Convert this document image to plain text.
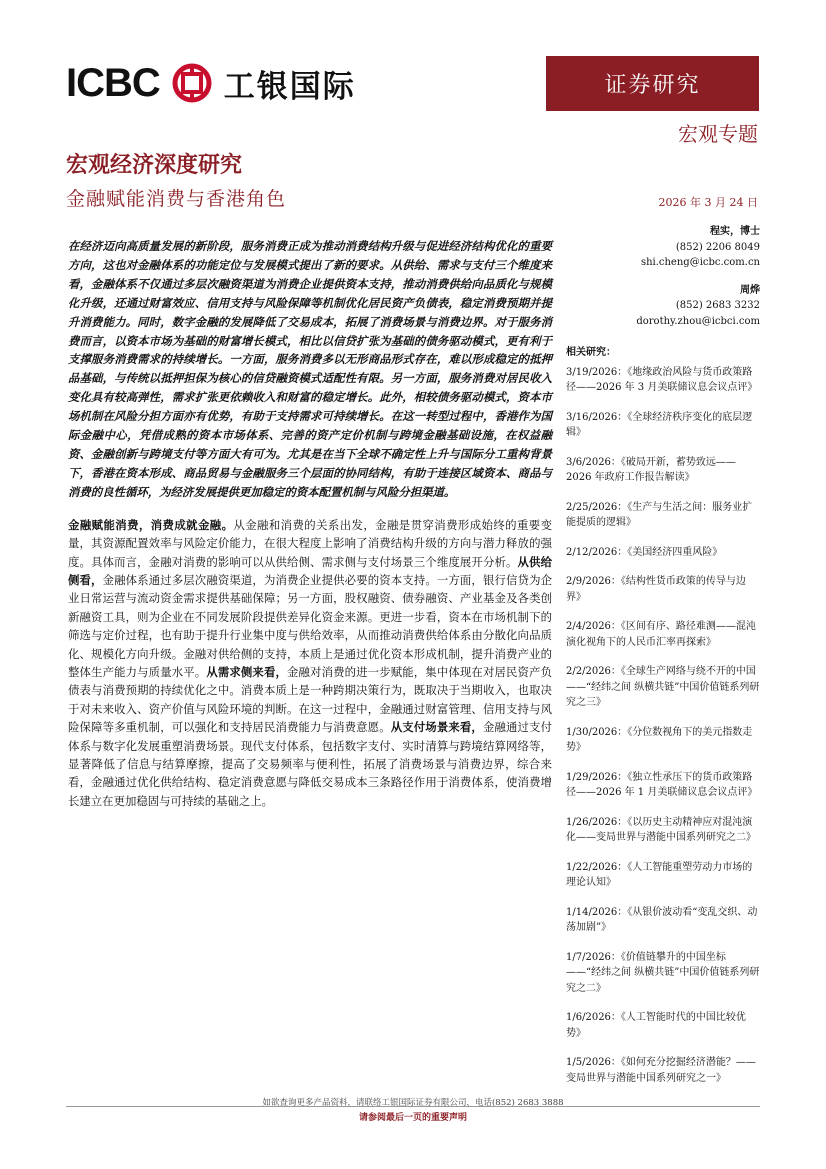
ICBC 工银国际	证券研究
宏观专题
宏观经济深度研究
金融赋能消费与香港角色	2026 年 3 月 24 日

在经济迈向高质量发展的新阶段，服务消费正成为推动消费结构升级与促进经济结构优化的重要方向，这也对金融体系的功能定位与发展模式提出了新的要求。从供给、需求与支付三个维度来看，金融体系不仅通过多层次融资渠道为消费企业提供资本支持，推动消费供给向品质化与规模化升级，还通过财富效应、信用支持与风险保障等机制优化居民资产负债表，稳定消费预期并提升消费能力。同时，数字金融的发展降低了交易成本，拓展了消费场景与消费边界。对于服务消费而言，以资本市场为基础的财富增长模式，相比以信贷扩张为基础的债务驱动模式，更有利于支撑服务消费需求的持续增长。一方面，服务消费多以无形商品形式存在，难以形成稳定的抵押品基础，与传统以抵押担保为核心的信贷融资模式适配性有限。另一方面，服务消费对居民收入变化具有较高弹性，需求扩张更依赖收入和财富的稳定增长。此外，相较债务驱动模式，资本市场机制在风险分担方面亦有优势，有助于支持需求可持续增长。在这一转型过程中，香港作为国际金融中心，凭借成熟的资本市场体系、完善的资产定价机制与跨境金融基础设施，在权益融资、金融创新与跨境支付等方面大有可为。尤其是在当下全球不确定性上升与国际分工重构背景下，香港在资本形成、商品贸易与金融服务三个层面的协同结构，有助于连接区域资本、商品与消费的良性循环，为经济发展提供更加稳定的资本配置机制与风险分担渠道。

金融赋能消费，消费成就金融。从金融和消费的关系出发，金融是贯穿消费形成始终的重要变量，其资源配置效率与风险定价能力，在很大程度上影响了消费结构升级的方向与潜力释放的强度。具体而言，金融对消费的影响可以从供给侧、需求侧与支付场景三个维度展开分析。从供给侧看，金融体系通过多层次融资渠道，为消费企业提供必要的资本支持。一方面，银行信贷为企业日常运营与流动资金需求提供基础保障；另一方面，股权融资、债券融资、产业基金及各类创新融资工具，则为企业在不同发展阶段提供差异化资金来源。更进一步看，资本在市场机制下的筛选与定价过程，也有助于提升行业集中度与供给效率，从而推动消费供给体系由分散化向品质化、规模化方向升级。金融对供给侧的支持，本质上是通过优化资本形成机制，提升消费产业的整体生产能力与质量水平。从需求侧来看，金融对消费的进一步赋能，集中体现在对居民资产负债表与消费预期的持续优化之中。消费本质上是一种跨期决策行为，既取决于当期收入，也取决于对未来收入、资产价值与风险环境的判断。在这一过程中，金融通过财富管理、信用支持与风险保障等多重机制，可以强化和支持居民消费能力与消费意愿。从支付场景来看，金融通过支付体系与数字化发展重塑消费场景。现代支付体系，包括数字支付、实时清算与跨境结算网络等，显著降低了信息与结算摩擦，提高了交易频率与便利性，拓展了消费场景与消费边界，综合来看，金融通过优化供给结构、稳定消费意愿与降低交易成本三条路径作用于消费体系，使消费增长建立在更加稳固与可持续的基础之上。

程实，博士
(852) 2206 8049
shi.cheng@icbc.com.cn
周烨
(852) 2683 3232
dorothy.zhou@icbci.com
相关研究：
3/19/2026：《地缘政治风险与货币政策路径——2026 年 3 月美联储议息会议点评》
3/16/2026：《全球经济秩序变化的底层逻辑》
3/6/2026：《破局开新，蓄势致远——2026 年政府工作报告解读》
2/25/2026：《生产与生活之间：服务业扩能提质的逻辑》
2/12/2026：《美国经济四重风险》
2/9/2026：《结构性货币政策的传导与边界》
2/4/2026：《区间有序、路径难测——混沌演化视角下的人民币汇率再探索》
2/2/2026：《全球生产网络与绕不开的中国——“经纬之间 纵横共链”中国价值链系列研究之三》
1/30/2026：《分位数视角下的美元指数走势》
1/29/2026：《独立性承压下的货币政策路径——2026 年 1 月美联储议息会议点评》
1/26/2026：《以历史主动精神应对混沌演化——变局世界与潜能中国系列研究之二》
1/22/2026：《人工智能重塑劳动力市场的理论认知》
1/14/2026：《从银价波动看“变乱交织、动荡加剧”》
1/7/2026：《价值链攀升的中国坐标——“经纬之间 纵横共链”中国价值链系列研究之二》
1/6/2026：《人工智能时代的中国比较优势》
1/5/2026：《如何充分挖掘经济潜能？——变局世界与潜能中国系列研究之一》
如欲查询更多产品资料，请联络工银国际证券有限公司，电话(852) 2683 3888
请参阅最后一页的重要声明
